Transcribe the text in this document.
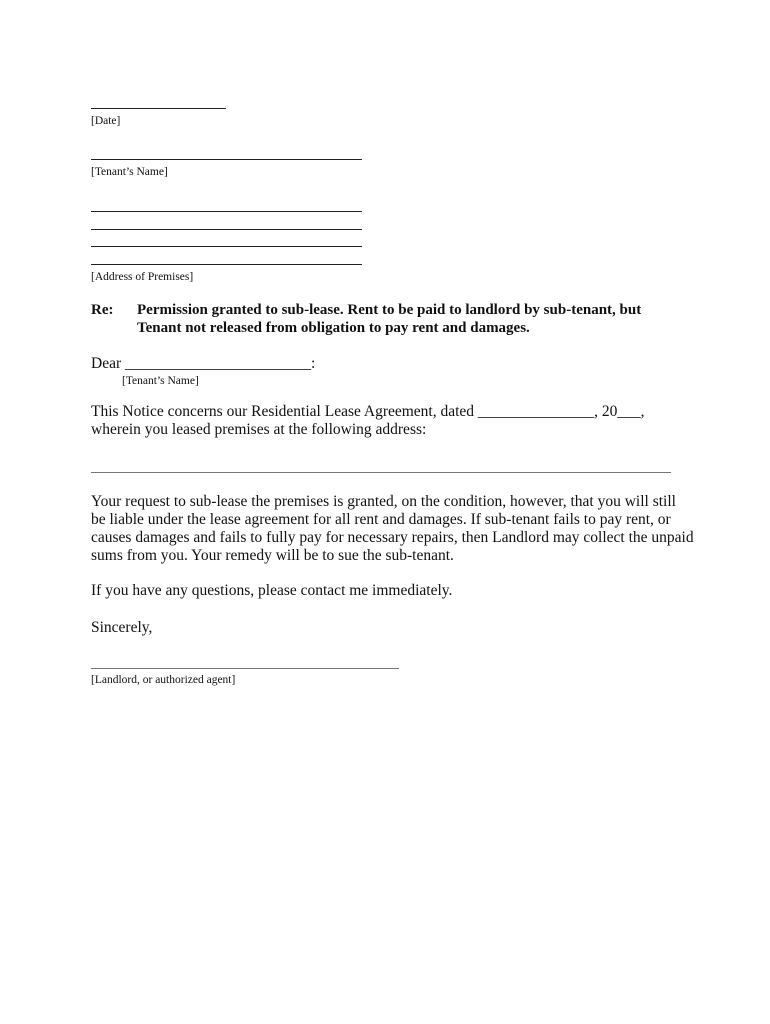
[Date]
[Tenant’s Name]
[Address of Premises]
Re: Permission granted to sub-lease. Rent to be paid to landlord by sub-tenant, but
Tenant not released from obligation to pay rent and damages.
Dear ________________________:
[Tenant’s Name]
This Notice concerns our Residential Lease Agreement, dated _______________, 20___,
wherein you leased premises at the following address:
Your request to sub-lease the premises is granted, on the condition, however, that you will still
be liable under the lease agreement for all rent and damages. If sub-tenant fails to pay rent, or
causes damages and fails to fully pay for necessary repairs, then Landlord may collect the unpaid
sums from you. Your remedy will be to sue the sub-tenant.
If you have any questions, please contact me immediately.
Sincerely,
[Landlord, or authorized agent]
